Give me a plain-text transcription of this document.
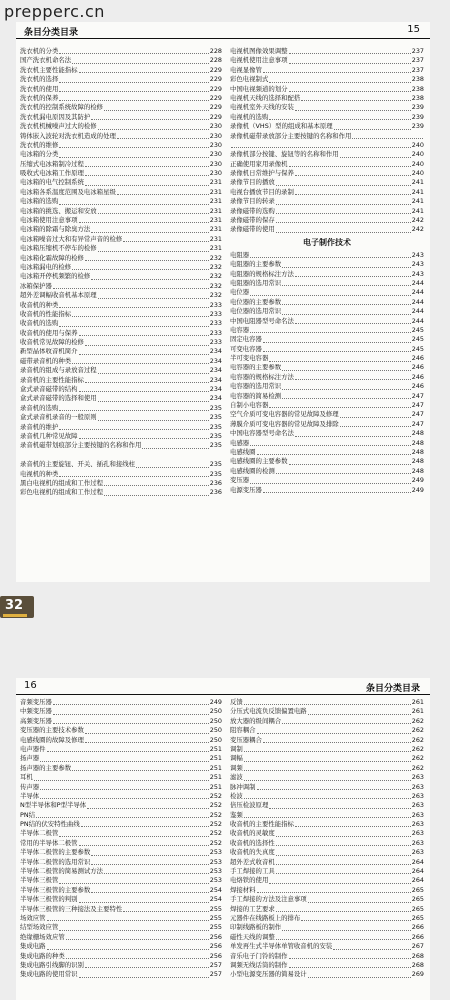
prepperc.cn
条目分类目录	15
洗衣机的分类	228
国产洗衣机命名法	228
洗衣机主要性能指标	229
洗衣机的选择	229
洗衣机的使用	229
洗衣机的保养	229
洗衣机的控制系统故障的检修	229
洗衣机漏电原因及其防护	229
洗衣机机械噪声过大的检修	230
铸体嵌入波轮对洗衣机造成的处理	230
洗衣机的维修	230
电冰箱的分类	230
压缩式电冰箱制冷过程	230
吸收式电冰箱工作原理	230
电冰箱的电气控制系统	231
电冰箱各系温度范围及电冰箱星级	231
电冰箱的选购	231
电冰箱的挑选、搬运和安放	231
电冰箱使用注意事项	231
电冰箱的除霜与除臭方法	231
电冰箱噪音过大和有异常声音的检修	231
电冰箱压缩机不停车的检修	231
电冰箱化霜故障的检修	232
电冰箱漏电的检修	232
电冰箱开停机频繁的检修	232
冰箱保护器	232
超外差调幅收音机基本原理	232
收音机的种类	233
收音机的性能指标	233
收音机的选购	233
收音机的使用与保养	233
收音机常见故障的检修	233
新型晶体收音机简介	234
磁带录音机的种类	234
录音机的组成与录放音过程	234
录音机的主要性能指标	234
盒式录音磁带的结构	234
盒式录音磁带的选择和使用	234
录音机的选购	235
盒式录音机录音的一般原则	235
录音机的维护	235
录音机几种常见故障	235
录音机磁带划痕部分主要按键的名称和作用	235
录音机的主要旋钮、开关、插孔和接线柱	235
电视机的种类	235
黑白电视机的组成和工作过程	236
彩色电视机的组成和工作过程	236
电视机图像效果调整	237
电视机使用注意事项	237
电视显像管	237
彩色电视制式	238
中国电视频道的划分	238
电视机天线的选择和配搭	238
电视机室外天线的安装	239
电视机的选购	239
录像机（VHS）型的组成和基本原理	239
录像机磁带录放部分主要按键的名称和作用
240
录像机部分按键、旋钮等的名称和作用	240
正确使用家用录像机	240
录像机日常维护与保养	240
录像节目的播放	241
电视台播放节目的录制	241
录像节目的转录	241
录像磁带的选购	241
录像磁带的保存	242
录像磁带的使用	242
电子制作技术
电阻器	243
电阻器的主要参数	243
电阻器的规格标注方法	243
电阻器的选用常识	244
电位器	244
电位器的主要参数	244
电位器的选用常识	244
中国电阻器型号命名法	244
电容器	245
固定电容器	245
可变电容器	245
半可变电容器	246
电容器的主要参数	246
电容器的规格标注方法	246
电容器的选用常识	246
电容器的简易检测	247
自制小电容器	247
空气介质可变电容器的常见故障及修理	247
薄膜介质可变电容器的常见故障及排除	247
中国电容器型号命名法	248
电感器	248
电感线圈	248
电感线圈的主要参数	248
电感线圈的检测	248
变压器	249
电源变压器	249
32
16	条目分类目录
音频变压器	249
中频变压器	250
高频变压器	250
变压器的主要技术参数	250
电感线圈的故障及修理	250
电声器件	251
扬声器	251
扬声器的主要参数	251
耳机	251
传声器	251
半导体	252
N型半导体和P型半导体	252
PN结	252
PN结的伏安特性曲线	252
半导体二极管	252
常用的半导体二极管	252
半导体二极管的主要参数	253
半导体二极管的选用常识	253
半导体二极管的简易测试方法	253
半导体三极管	253
半导体三极管的主要参数	254
半导体三极管的判别	254
半导体三极管的三种接法及主要特性	255
场效应管	255
结型场效应管	255
绝缘栅场效应管	256
集成电路	256
集成电路的种类	256
集成电路引线脚的识别	257
集成电路的使用常识	257
反馈	261
分压式电流负反馈偏置电路	261
放大器的级间耦合	262
阻容耦合	262
变压器耦合	262
调制	262
调幅	262
调频	262
滤波	263
脉冲调制	263
检波	263
倍压检波原理	263
鉴频	263
收音机的主要性能指标	263
收音机的灵敏度	263
收音机的选择性	263
收音机的失真度	263
超外差式收音机	264
手工焊接的工具	264
电烙铁的使用	264
焊接材料	265
手工焊接的方法及注意事项	265
焊接的工艺要求	265
元器件在线路板上的排布	265
印制线路板的制作	266
磁性天线的调整	266
单发再生式半导体单管收音机的安装	267
音乐电子门铃的制作	268
调频无线话筒的制作	268
小型电源变压器的简易设计	269
